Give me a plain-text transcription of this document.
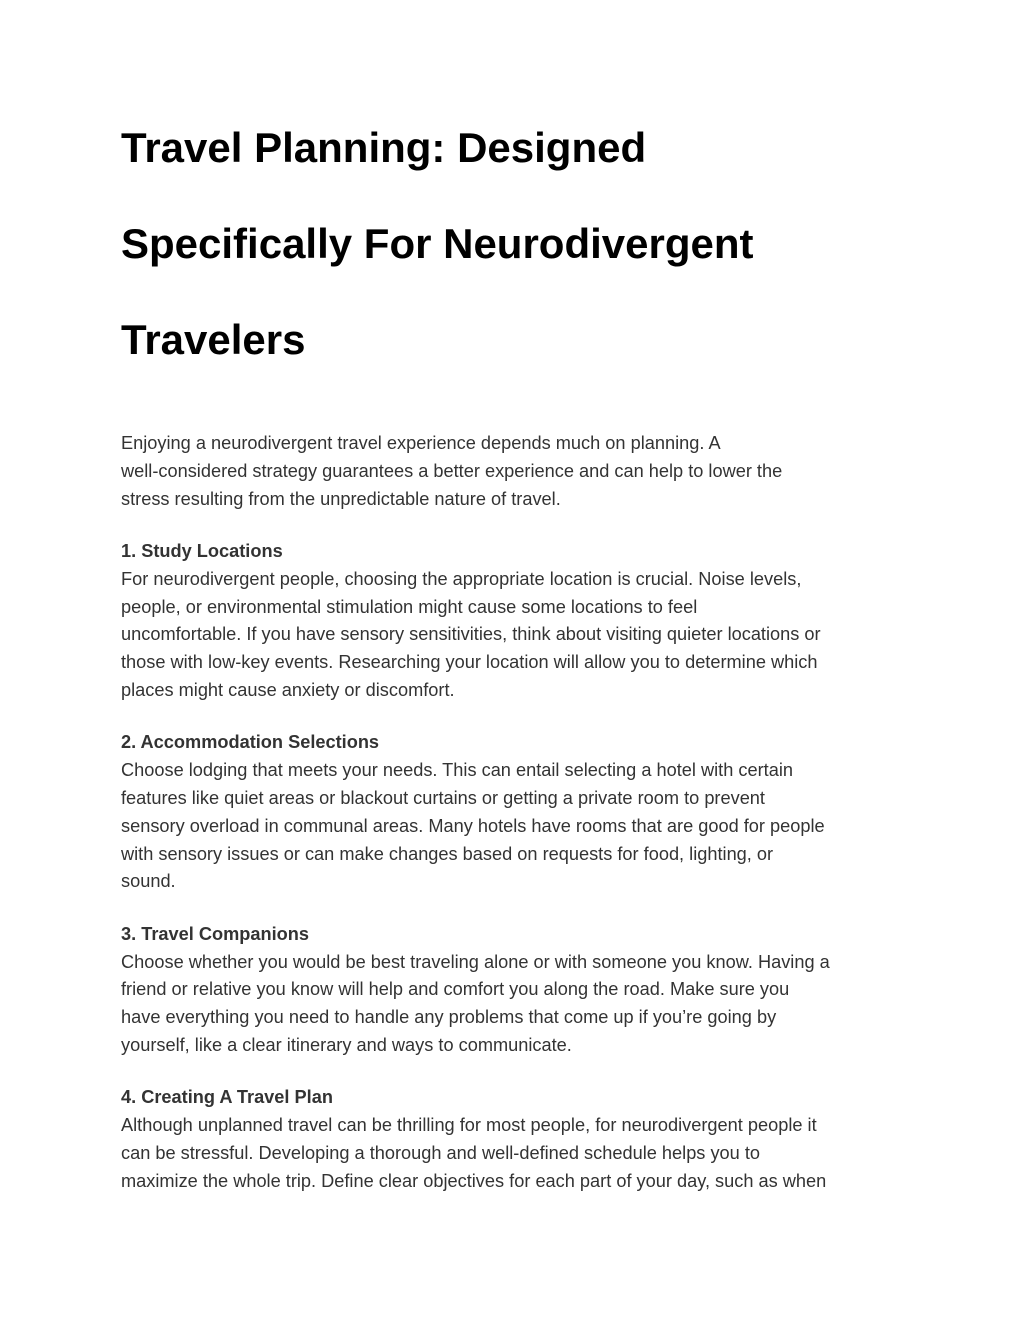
Travel Planning: Designed
Specifically For Neurodivergent
Travelers

Enjoying a neurodivergent travel experience depends much on planning. A
well-considered strategy guarantees a better experience and can help to lower the
stress resulting from the unpredictable nature of travel.

1. Study Locations
For neurodivergent people, choosing the appropriate location is crucial. Noise levels,
people, or environmental stimulation might cause some locations to feel
uncomfortable. If you have sensory sensitivities, think about visiting quieter locations or
those with low-key events. Researching your location will allow you to determine which
places might cause anxiety or discomfort.

2. Accommodation Selections
Choose lodging that meets your needs. This can entail selecting a hotel with certain
features like quiet areas or blackout curtains or getting a private room to prevent
sensory overload in communal areas. Many hotels have rooms that are good for people
with sensory issues or can make changes based on requests for food, lighting, or
sound.

3. Travel Companions
Choose whether you would be best traveling alone or with someone you know. Having a
friend or relative you know will help and comfort you along the road. Make sure you
have everything you need to handle any problems that come up if you’re going by
yourself, like a clear itinerary and ways to communicate.

4. Creating A Travel Plan
Although unplanned travel can be thrilling for most people, for neurodivergent people it
can be stressful. Developing a thorough and well-defined schedule helps you to
maximize the whole trip. Define clear objectives for each part of your day, such as when
